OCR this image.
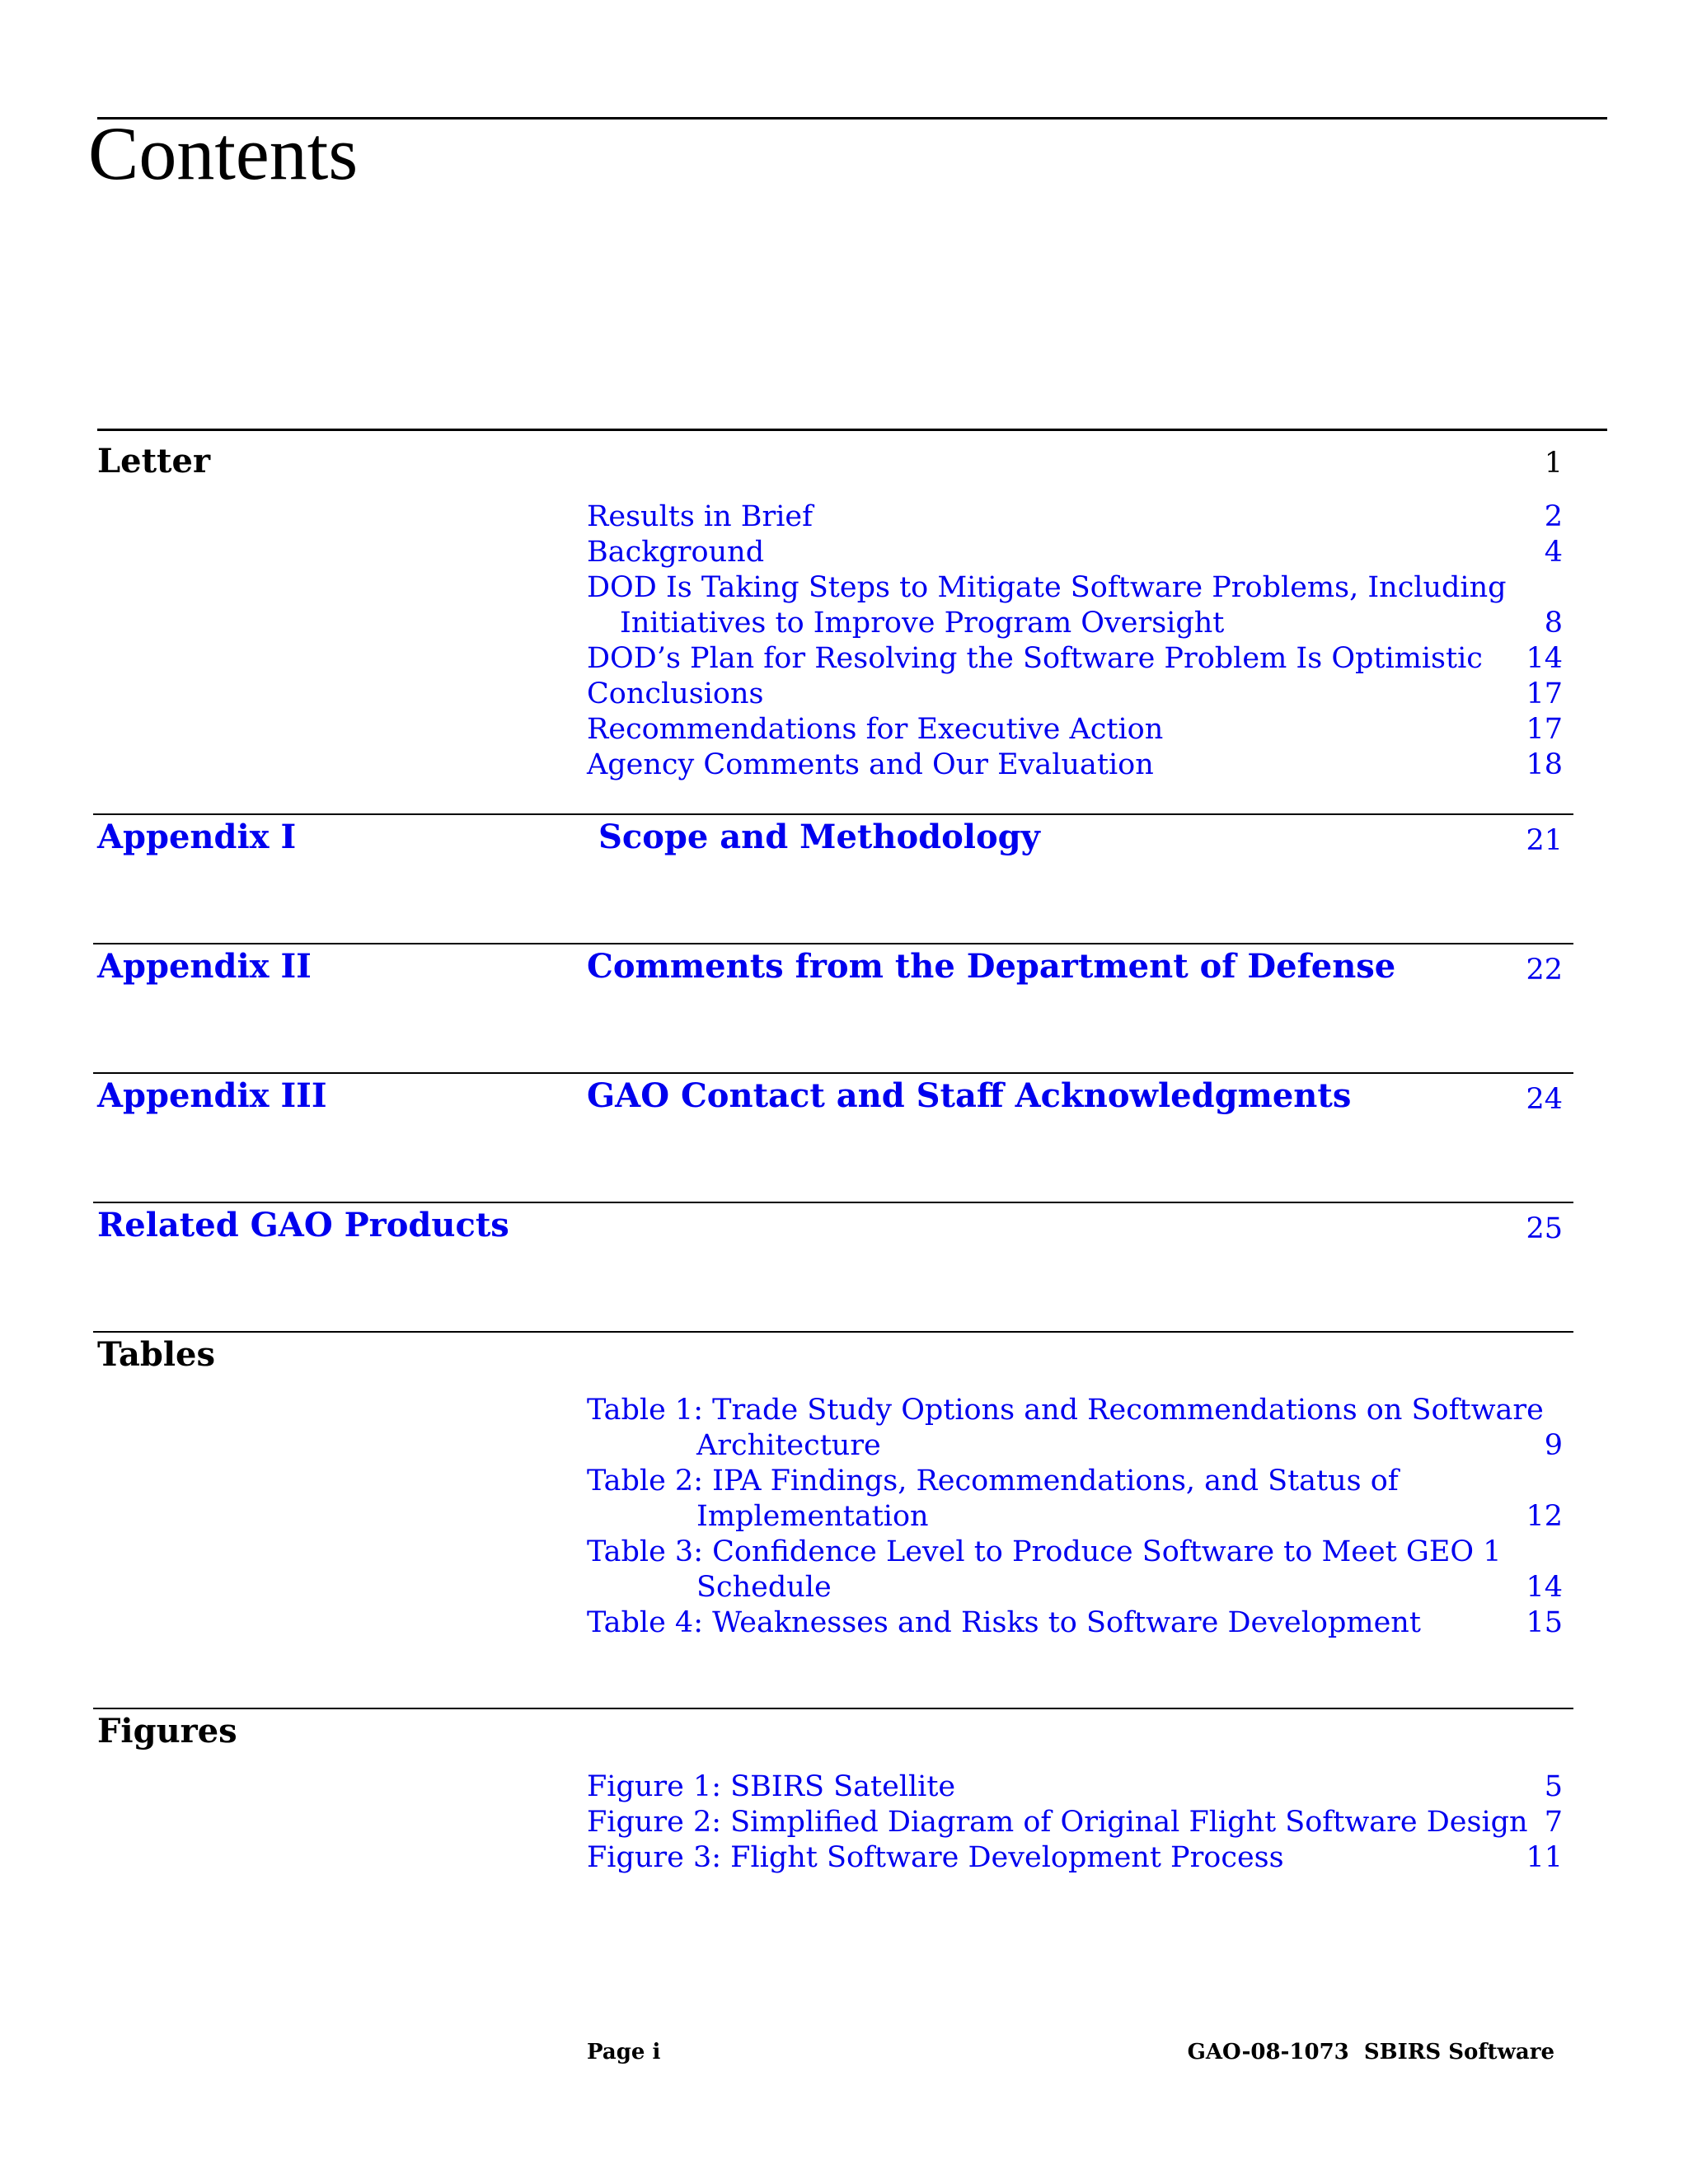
Contents
Letter	1
Results in Brief	2
Background	4
DOD Is Taking Steps to Mitigate Software Problems, Including
Initiatives to Improve Program Oversight	8
DOD’s Plan for Resolving the Software Problem Is Optimistic	14
Conclusions	17
Recommendations for Executive Action	17
Agency Comments and Our Evaluation	18
Appendix I	Scope and Methodology	21
Appendix II	Comments from the Department of Defense	22
Appendix III	GAO Contact and Staff Acknowledgments	24
Related GAO Products	25
Tables
Table 1: Trade Study Options and Recommendations on Software
Architecture	9
Table 2: IPA Findings, Recommendations, and Status of
Implementation	12
Table 3: Confidence Level to Produce Software to Meet GEO 1
Schedule	14
Table 4: Weaknesses and Risks to Software Development	15
Figures
Figure 1: SBIRS Satellite	5
Figure 2: Simplified Diagram of Original Flight Software Design 7
Figure 3: Flight Software Development Process	11
Page i	GAO-08-1073  SBIRS Software
